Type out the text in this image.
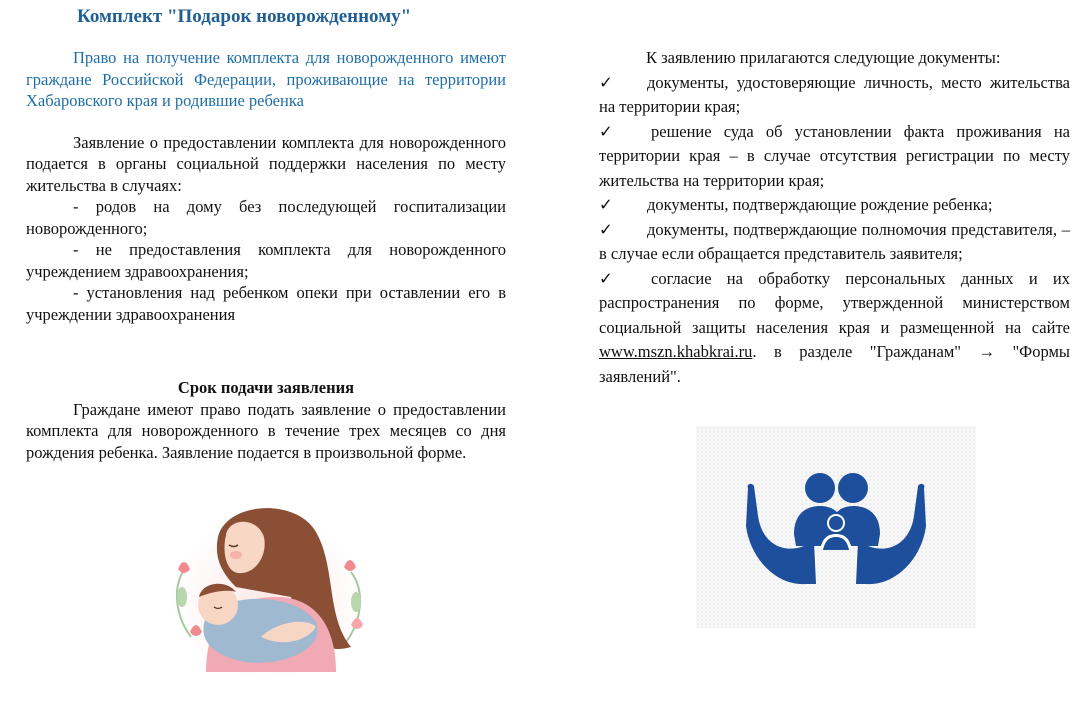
Комплект "Подарок новорожденному"

Право на получение комплекта для новорожденного имеют граждане Российской Федерации, проживающие на территории Хабаровского края и родившие ребенка

Заявление о предоставлении комплекта для новорожденного подается в органы социальной поддержки населения по месту жительства в случаях:

- родов на дому без последующей госпитализации новорожденного;

- не предоставления комплекта для новорожденного учреждением здравоохранения;

- установления над ребенком опеки при оставлении его в учреждении здравоохранения

Срок подачи заявления

Граждане имеют право подать заявление о предоставлении комплекта для новорожденного в течение трех месяцев со дня рождения ребенка. Заявление подается в произвольной форме.

К заявлению прилагаются следующие документы:

✓ документы, удостоверяющие личность, место жительства на территории края;

✓ решение суда об установлении факта проживания на территории края – в случае отсутствия регистрации по месту жительства на территории края;

✓ документы, подтверждающие рождение ребенка;

✓ документы, подтверждающие полномочия представителя, – в случае если обращается представитель заявителя;

✓ согласие на обработку персональных данных и их распространения по форме, утвержденной министерством социальной защиты населения края и размещенной на сайте www.mszn.khabkrai.ru. в разделе "Гражданам" → "Формы заявлений".
